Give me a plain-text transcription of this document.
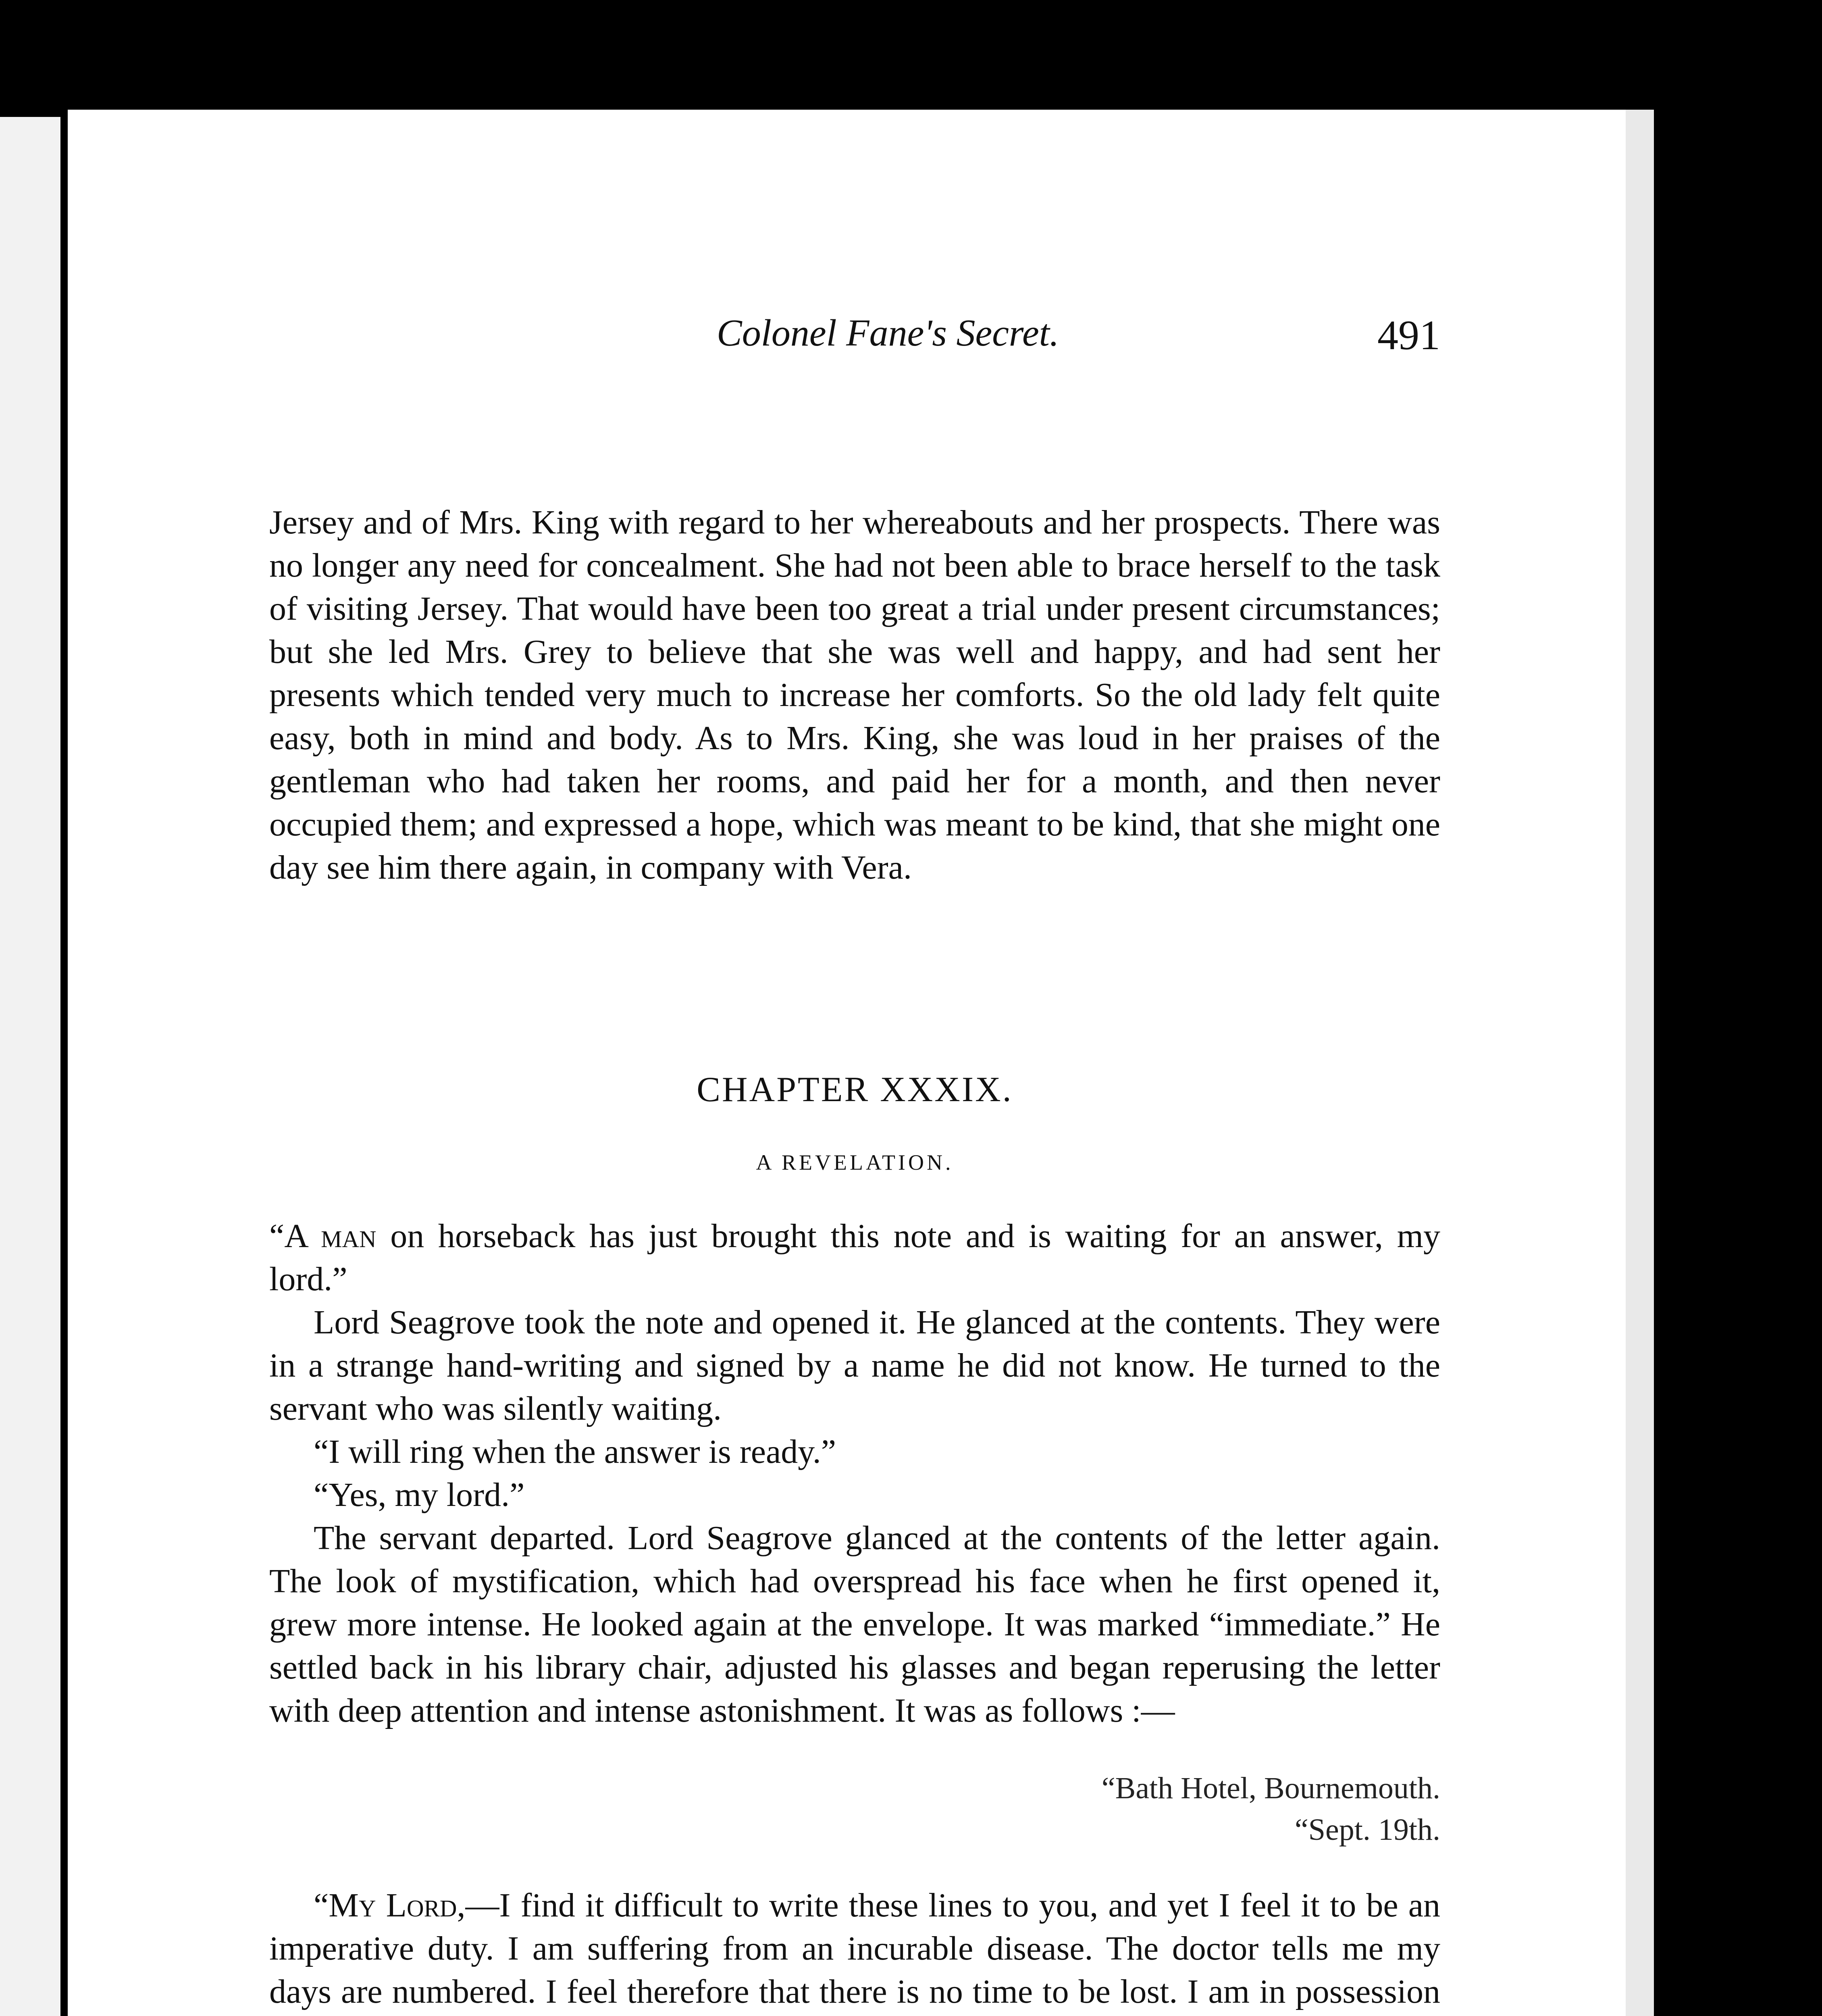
Colonel Fane's Secret.	491

Jersey and of Mrs. King with regard to her whereabouts and her prospects. There was no longer any need for concealment. She had not been able to brace herself to the task of visiting Jersey. That would have been too great a trial under present circumstances; but she led Mrs. Grey to believe that she was well and happy, and had sent her presents which tended very much to increase her comforts. So the old lady felt quite easy, both in mind and body. As to Mrs. King, she was loud in her praises of the gentleman who had taken her rooms, and paid her for a month, and then never occupied them; and expressed a hope, which was meant to be kind, that she might one day see him there again, in company with Vera.

CHAPTER XXXIX.
A REVELATION.

“A man on horseback has just brought this note and is waiting for an answer, my lord.”

Lord Seagrove took the note and opened it. He glanced at the contents. They were in a strange hand-writing and signed by a name he did not know. He turned to the servant who was silently waiting.

“I will ring when the answer is ready.”

“Yes, my lord.”

The servant departed. Lord Seagrove glanced at the contents of the letter again. The look of mystification, which had overspread his face when he first opened it, grew more intense. He looked again at the envelope. It was marked “immediate.” He settled back in his library chair, adjusted his glasses and began reperusing the letter with deep attention and intense astonishment. It was as follows :—

“Bath Hotel, Bournemouth.
“Sept. 19th.

“My Lord,—I find it difficult to write these lines to you, and yet I feel it to be an imperative duty. I am suffering from an incurable disease. The doctor tells me my days are numbered. I feel therefore that there is no time to be lost. I am in possession
